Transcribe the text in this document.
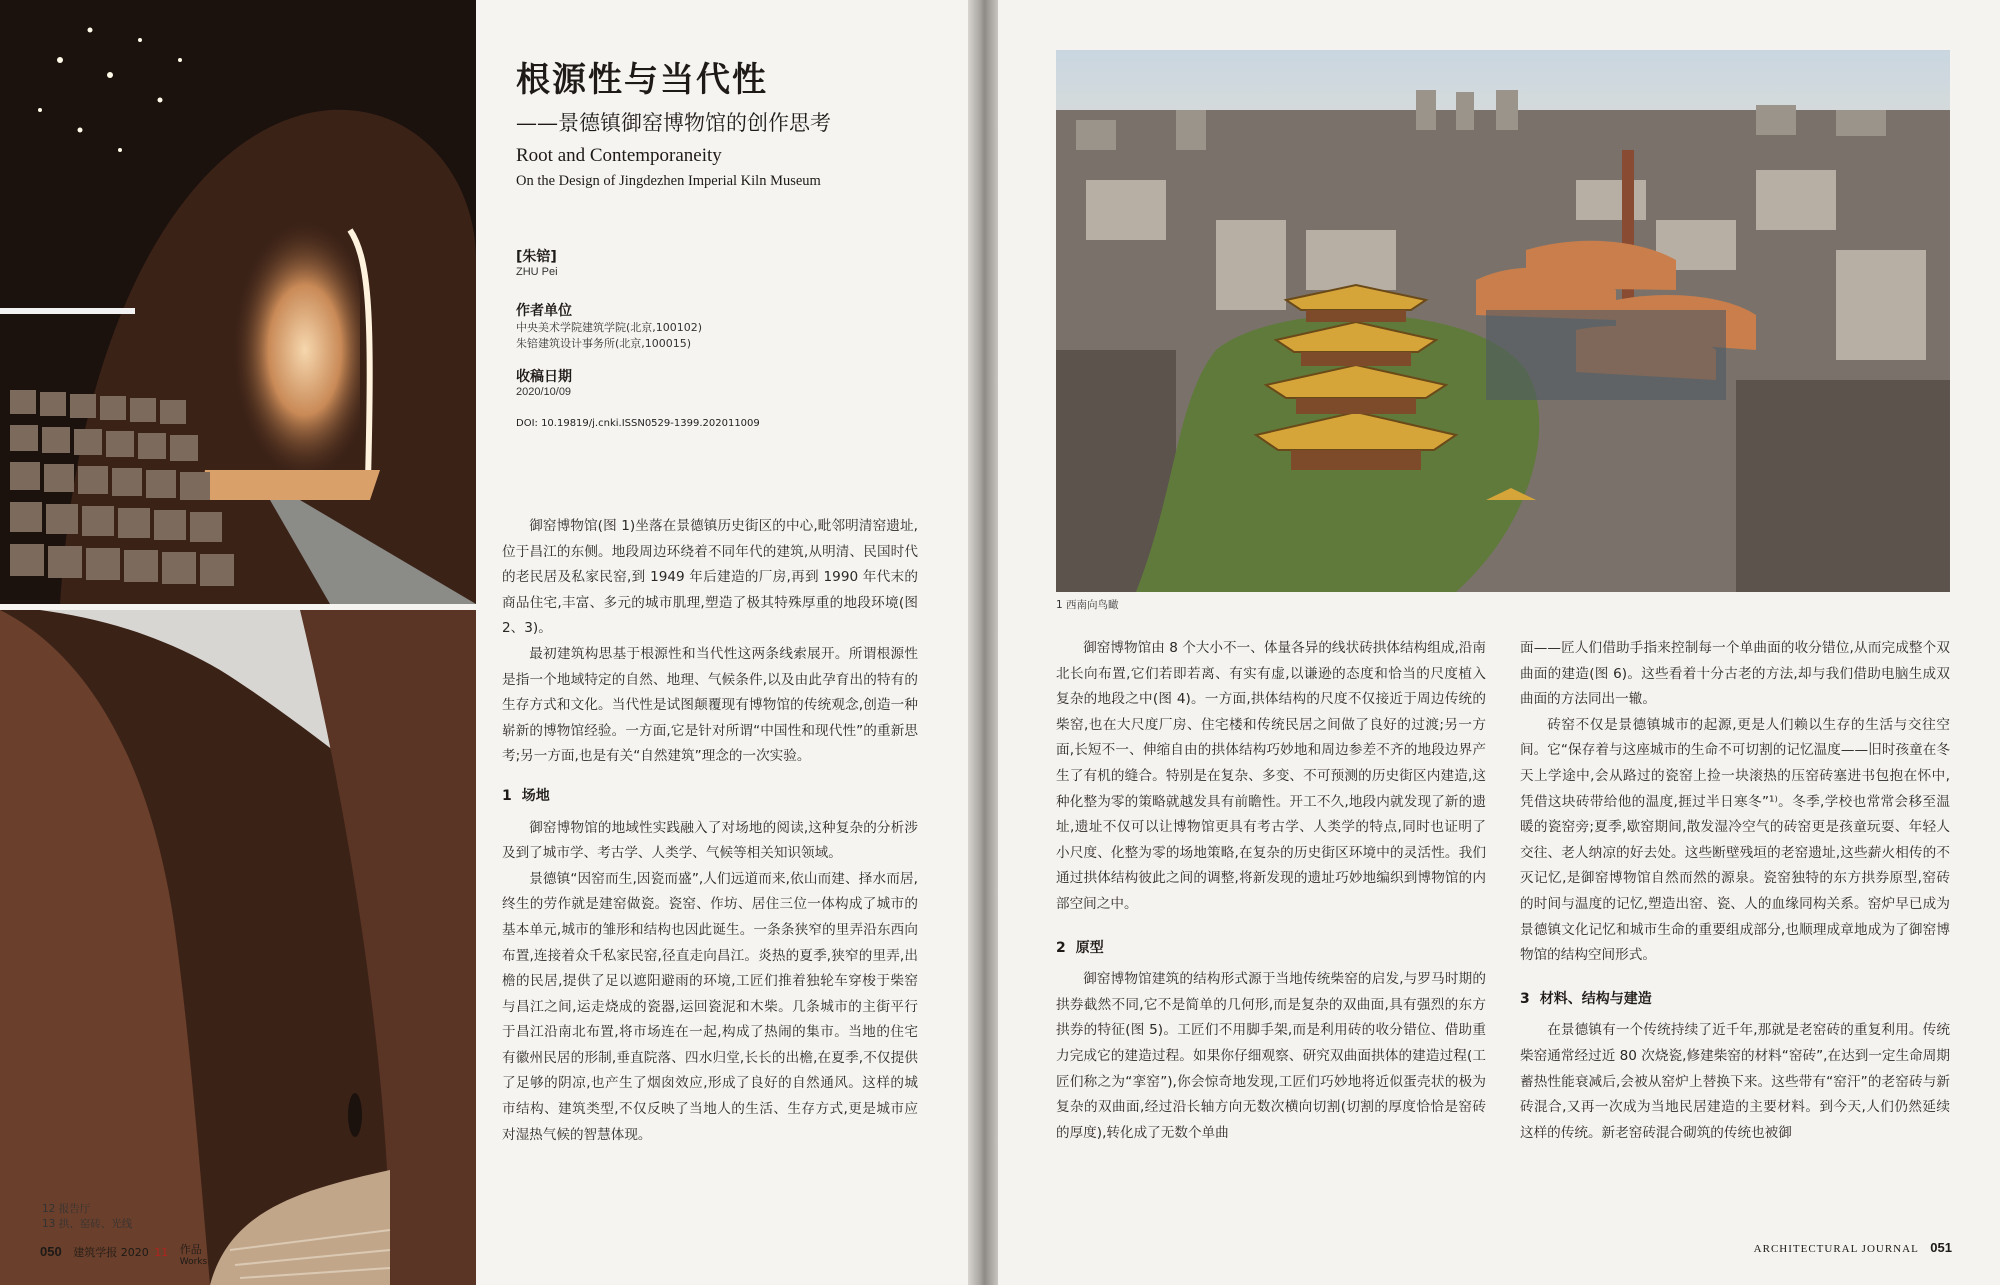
根源性与当代性
——景德镇御窑博物馆的创作思考
Root and Contemporaneity
On the Design of Jingdezhen Imperial Kiln Museum
[朱锫]
ZHU Pei
作者单位
中央美术学院建筑学院(北京,100102)
朱锫建筑设计事务所(北京,100015)
收稿日期
2020/10/09
DOI: 10.19819/j.cnki.ISSN0529-1399.202011009

御窑博物馆(图 1)坐落在景德镇历史街区的中心,毗邻明清窑遗址,位于昌江的东侧。地段周边环绕着不同年代的建筑,从明清、民国时代的老民居及私家民窑,到 1949 年后建造的厂房,再到 1990 年代末的商品住宅,丰富、多元的城市肌理,塑造了极其特殊厚重的地段环境(图 2、3)。

最初建筑构思基于根源性和当代性这两条线索展开。所谓根源性是指一个地域特定的自然、地理、气候条件,以及由此孕育出的特有的生存方式和文化。当代性是试图颠覆现有博物馆的传统观念,创造一种崭新的博物馆经验。一方面,它是针对所谓“中国性和现代性”的重新思考;另一方面,也是有关“自然建筑”理念的一次实验。

1 场地

御窑博物馆的地域性实践融入了对场地的阅读,这种复杂的分析涉及到了城市学、考古学、人类学、气候等相关知识领域。

景德镇“因窑而生,因瓷而盛”,人们远道而来,依山而建、择水而居,终生的劳作就是建窑做瓷。瓷窑、作坊、居住三位一体构成了城市的基本单元,城市的雏形和结构也因此诞生。一条条狭窄的里弄沿东西向布置,连接着众千私家民窑,径直走向昌江。炎热的夏季,狭窄的里弄,出檐的民居,提供了足以遮阳避雨的环境,工匠们推着独轮车穿梭于柴窑与昌江之间,运走烧成的瓷器,运回瓷泥和木柴。几条城市的主街平行于昌江沿南北布置,将市场连在一起,构成了热闹的集市。当地的住宅有徽州民居的形制,垂直院落、四水归堂,长长的出檐,在夏季,不仅提供了足够的阴凉,也产生了烟囱效应,形成了良好的自然通风。这样的城市结构、建筑类型,不仅反映了当地人的生活、生存方式,更是城市应对湿热气候的智慧体现。

12 报告厅
13 拱、窑砖、光线
050 建筑学报 2020 11 作品
Works
1 西南向鸟瞰

御窑博物馆由 8 个大小不一、体量各异的线状砖拱体结构组成,沿南北长向布置,它们若即若离、有实有虚,以谦逊的态度和恰当的尺度植入复杂的地段之中(图 4)。一方面,拱体结构的尺度不仅接近于周边传统的柴窑,也在大尺度厂房、住宅楼和传统民居之间做了良好的过渡;另一方面,长短不一、伸缩自由的拱体结构巧妙地和周边参差不齐的地段边界产生了有机的缝合。特别是在复杂、多变、不可预测的历史街区内建造,这种化整为零的策略就越发具有前瞻性。开工不久,地段内就发现了新的遗址,遗址不仅可以让博物馆更具有考古学、人类学的特点,同时也证明了小尺度、化整为零的场地策略,在复杂的历史街区环境中的灵活性。我们通过拱体结构彼此之间的调整,将新发现的遗址巧妙地编织到博物馆的内部空间之中。

2 原型

御窑博物馆建筑的结构形式源于当地传统柴窑的启发,与罗马时期的拱券截然不同,它不是简单的几何形,而是复杂的双曲面,具有强烈的东方拱券的特征(图 5)。工匠们不用脚手架,而是利用砖的收分错位、借助重力完成它的建造过程。如果你仔细观察、研究双曲面拱体的建造过程(工匠们称之为“挛窑”),你会惊奇地发现,工匠们巧妙地将近似蛋壳状的极为复杂的双曲面,经过沿长轴方向无数次横向切割(切割的厚度恰恰是窑砖的厚度),转化成了无数个单曲

面——匠人们借助手指来控制每一个单曲面的收分错位,从而完成整个双曲面的建造(图 6)。这些看着十分古老的方法,却与我们借助电脑生成双曲面的方法同出一辙。

砖窑不仅是景德镇城市的起源,更是人们赖以生存的生活与交往空间。它“保存着与这座城市的生命不可切割的记忆温度——旧时孩童在冬天上学途中,会从路过的瓷窑上捡一块滚热的压窑砖塞进书包抱在怀中,凭借这块砖带给他的温度,捱过半日寒冬”¹⁾。冬季,学校也常常会移至温暖的瓷窑旁;夏季,歇窑期间,散发湿冷空气的砖窑更是孩童玩耍、年轻人交往、老人纳凉的好去处。这些断壁残垣的老窑遗址,这些薪火相传的不灭记忆,是御窑博物馆自然而然的源泉。瓷窑独特的东方拱券原型,窑砖的时间与温度的记忆,塑造出窑、瓷、人的血缘同构关系。窑炉早已成为景德镇文化记忆和城市生命的重要组成部分,也顺理成章地成为了御窑博物馆的结构空间形式。

3 材料、结构与建造

在景德镇有一个传统持续了近千年,那就是老窑砖的重复利用。传统柴窑通常经过近 80 次烧瓷,修建柴窑的材料“窑砖”,在达到一定生命周期蓄热性能衰减后,会被从窑炉上替换下来。这些带有“窑汗”的老窑砖与新砖混合,又再一次成为当地民居建造的主要材料。到今天,人们仍然延续这样的传统。新老窑砖混合砌筑的传统也被御

ARCHITECTURAL JOURNAL 051
